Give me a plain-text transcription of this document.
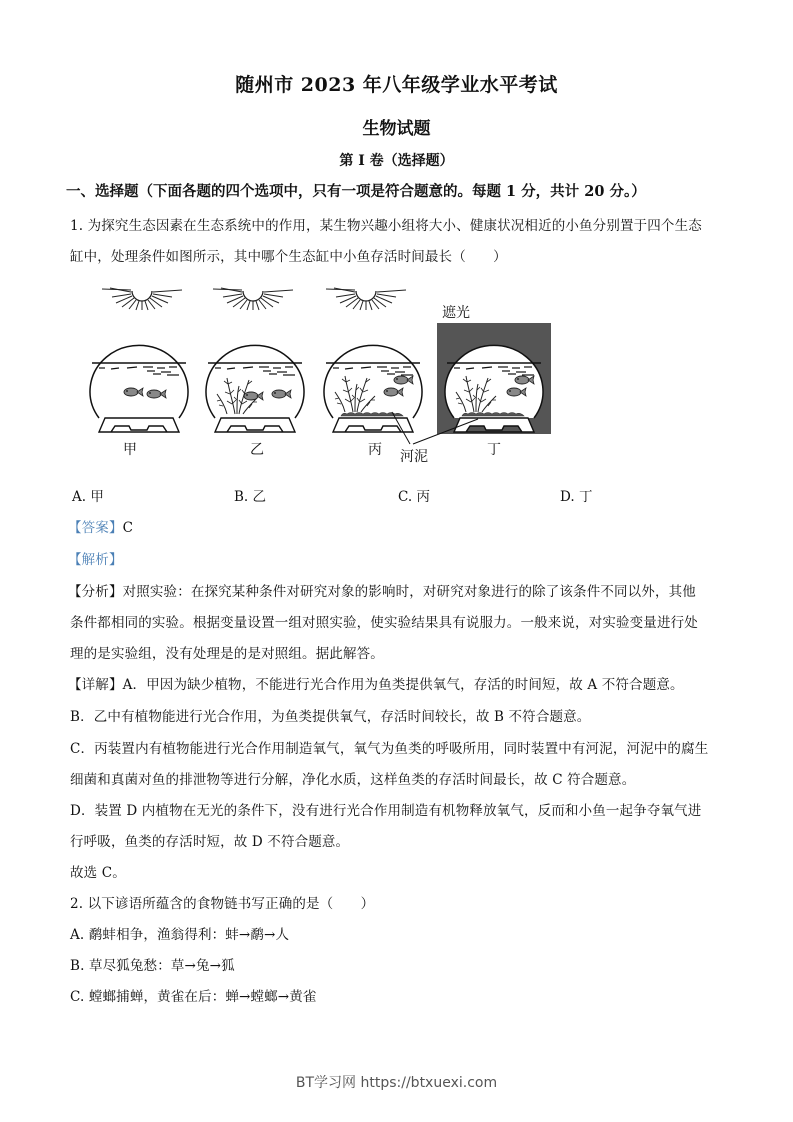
随州市 2023 年八年级学业水平考试
生物试题
第 I 卷（选择题）
一、选择题（下面各题的四个选项中，只有一项是符合题意的。每题 1 分，共计 20 分。）
1. 为探究生态因素在生态系统中的作用，某生物兴趣小组将大小、健康状况相近的小鱼分别置于四个生态
缸中，处理条件如图所示，其中哪个生态缸中小鱼存活时间最长（　　）
甲	乙	丙	丁
河泥
遮光
A. 甲	B. 乙	C. 丙	D. 丁
【答案】C
【解析】
【分析】对照实验：在探究某种条件对研究对象的影响时，对研究对象进行的除了该条件不同以外，其他
条件都相同的实验。根据变量设置一组对照实验，使实验结果具有说服力。一般来说，对实验变量进行处
理的是实验组，没有处理是的是对照组。据此解答。
【详解】A．甲因为缺少植物，不能进行光合作用为鱼类提供氧气，存活的时间短，故 A 不符合题意。
B．乙中有植物能进行光合作用，为鱼类提供氧气，存活时间较长，故 B 不符合题意。
C．丙装置内有植物能进行光合作用制造氧气，氧气为鱼类的呼吸所用，同时装置中有河泥，河泥中的腐生
细菌和真菌对鱼的排泄物等进行分解，净化水质，这样鱼类的存活时间最长，故 C 符合题意。
D．装置 D 内植物在无光的条件下，没有进行光合作用制造有机物释放氧气，反而和小鱼一起争夺氧气进
行呼吸，鱼类的存活时短，故 D 不符合题意。
故选 C。
2. 以下谚语所蕴含的食物链书写正确的是（　　）
A. 鹬蚌相争，渔翁得利：蚌→鹬→人
B. 草尽狐兔愁：草→兔→狐
C. 螳螂捕蝉，黄雀在后：蝉→螳螂→黄雀
BT学习网 https://btxuexi.com
